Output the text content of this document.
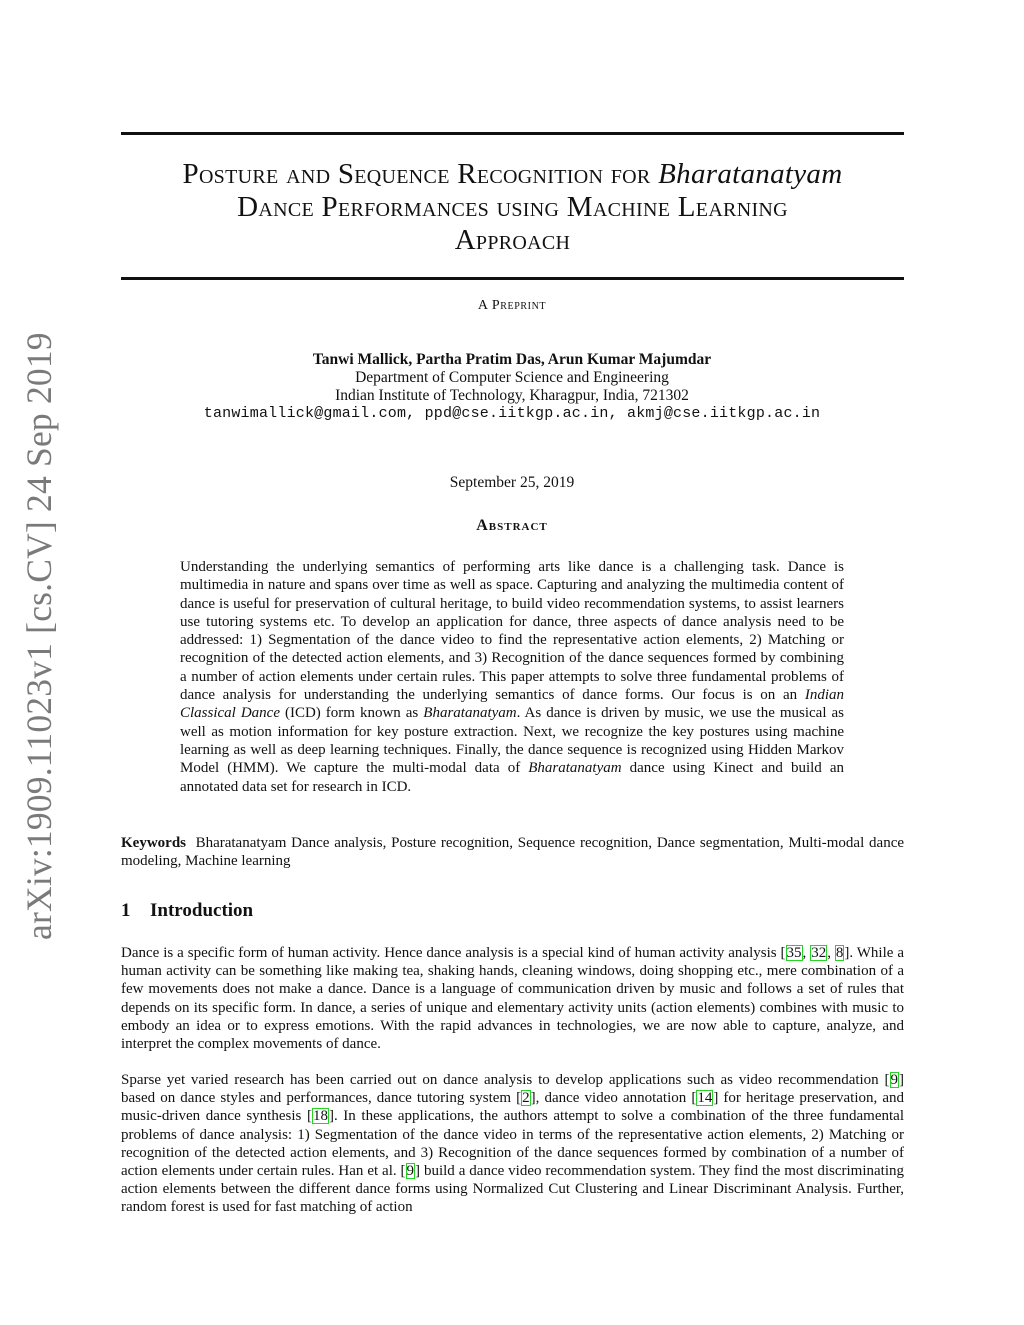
arXiv:1909.11023v1 [cs.CV] 24 Sep 2019
Posture and Sequence Recognition for Bharatanatyam
Dance Performances using Machine Learning
Approach
A Preprint
Tanwi Mallick, Partha Pratim Das, Arun Kumar Majumdar
Department of Computer Science and Engineering
Indian Institute of Technology, Kharagpur, India, 721302
tanwimallick@gmail.com, ppd@cse.iitkgp.ac.in, akmj@cse.iitkgp.ac.in
September 25, 2019
Abstract

Understanding the underlying semantics of performing arts like dance is a challenging task. Dance is multimedia in nature and spans over time as well as space. Capturing and analyzing the multimedia content of dance is useful for preservation of cultural heritage, to build video recommendation systems, to assist learners use tutoring systems etc. To develop an application for dance, three aspects of dance analysis need to be addressed: 1) Segmentation of the dance video to find the representative action elements, 2) Matching or recognition of the detected action elements, and 3) Recognition of the dance sequences formed by combining a number of action elements under certain rules. This paper attempts to solve three fundamental problems of dance analysis for understanding the underlying semantics of dance forms. Our focus is on an Indian Classical Dance (ICD) form known as Bharatanatyam. As dance is driven by music, we use the musical as well as motion information for key posture extraction. Next, we recognize the key postures using machine learning as well as deep learning techniques. Finally, the dance sequence is recognized using Hidden Markov Model (HMM). We capture the multi-modal data of Bharatanatyam dance using Kinect and build an annotated data set for research in ICD.

Keywords Bharatanatyam Dance analysis, Posture recognition, Sequence recognition, Dance segmentation, Multi-modal dance modeling, Machine learning

1 Introduction

Dance is a specific form of human activity. Hence dance analysis is a special kind of human activity analysis [35, 32, 8]. While a human activity can be something like making tea, shaking hands, cleaning windows, doing shopping etc., mere combination of a few movements does not make a dance. Dance is a language of communication driven by music and follows a set of rules that depends on its specific form. In dance, a series of unique and elementary activity units (action elements) combines with music to embody an idea or to express emotions. With the rapid advances in technologies, we are now able to capture, analyze, and interpret the complex movements of dance.

Sparse yet varied research has been carried out on dance analysis to develop applications such as video recommendation [9] based on dance styles and performances, dance tutoring system [2], dance video annotation [14] for heritage preservation, and music-driven dance synthesis [18]. In these applications, the authors attempt to solve a combination of the three fundamental problems of dance analysis: 1) Segmentation of the dance video in terms of the representative action elements, 2) Matching or recognition of the detected action elements, and 3) Recognition of the dance sequences formed by combination of a number of action elements under certain rules. Han et al. [9] build a dance video recommendation system. They find the most discriminating action elements between the different dance forms using Normalized Cut Clustering and Linear Discriminant Analysis. Further, random forest is used for fast matching of action
